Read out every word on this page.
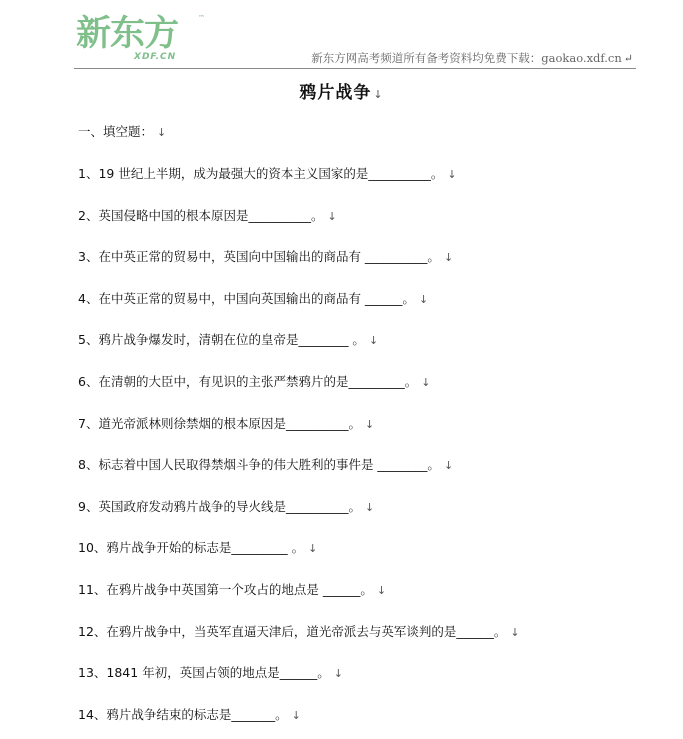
新东方	™
XDF.CN	新东方网高考频道所有备考资料均免费下载：gaokao.xdf.cn ↵
鸦片战争 ↓
一、填空题： ↓
1、19 世纪上半期，成为最强大的资本主义国家的是__________。 ↓
2、英国侵略中国的根本原因是__________。 ↓
3、在中英正常的贸易中，英国向中国输出的商品有 __________。 ↓
4、在中英正常的贸易中，中国向英国输出的商品有 ______。 ↓
5、鸦片战争爆发时，清朝在位的皇帝是________ 。 ↓
6、在清朝的大臣中，有见识的主张严禁鸦片的是_________。 ↓
7、道光帝派林则徐禁烟的根本原因是__________。 ↓
8、标志着中国人民取得禁烟斗争的伟大胜利的事件是 ________。 ↓
9、英国政府发动鸦片战争的导火线是__________。 ↓
10、鸦片战争开始的标志是_________ 。 ↓
11、在鸦片战争中英国第一个攻占的地点是 ______。 ↓
12、在鸦片战争中，当英军直逼天津后，道光帝派去与英军谈判的是______。 ↓
13、1841 年初，英国占领的地点是______。 ↓
14、鸦片战争结束的标志是_______。 ↓
